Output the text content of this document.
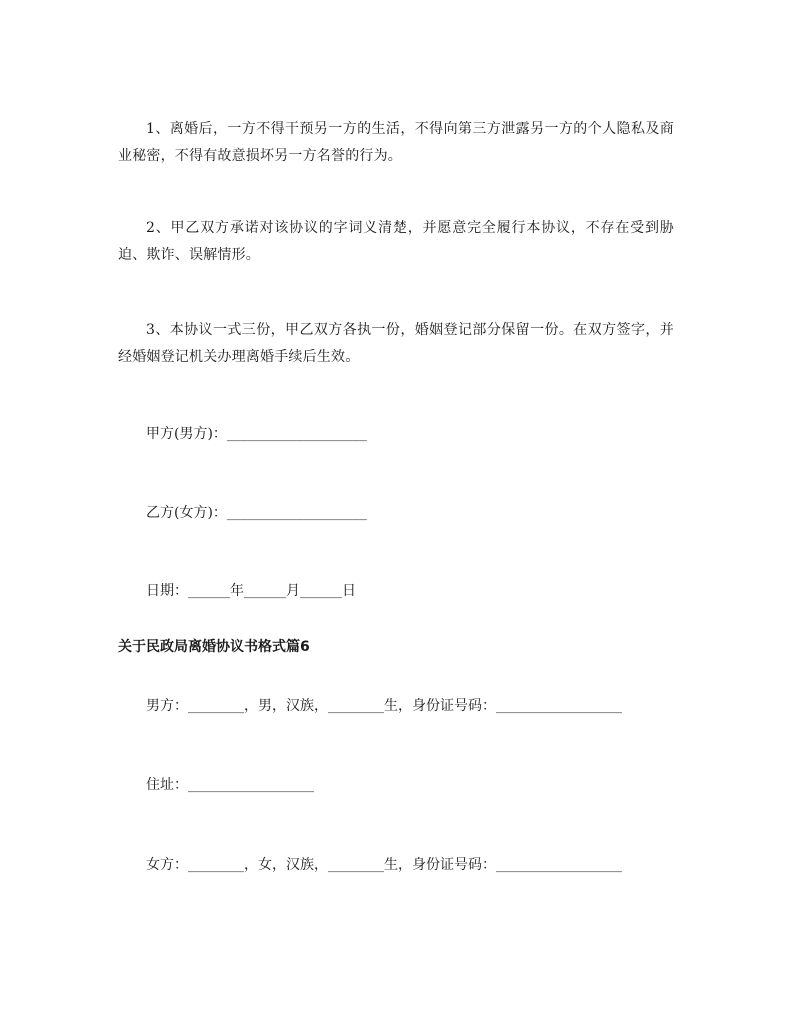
1、离婚后，一方不得干预另一方的生活，不得向第三方泄露另一方的个人隐私及商业秘密，不得有故意损坏另一方名誉的行为。

2、甲乙双方承诺对该协议的字词义清楚，并愿意完全履行本协议，不存在受到胁迫、欺诈、误解情形。

3、本协议一式三份，甲乙双方各执一份，婚姻登记部分保留一份。在双方签字，并经婚姻登记机关办理离婚手续后生效。

甲方(男方)：____________________

乙方(女方)：____________________

日期：______年______月______日

关于民政局离婚协议书格式篇6

男方：________，男，汉族，________生，身份证号码：__________________

住址：__________________

女方：________，女，汉族，________生，身份证号码：__________________
